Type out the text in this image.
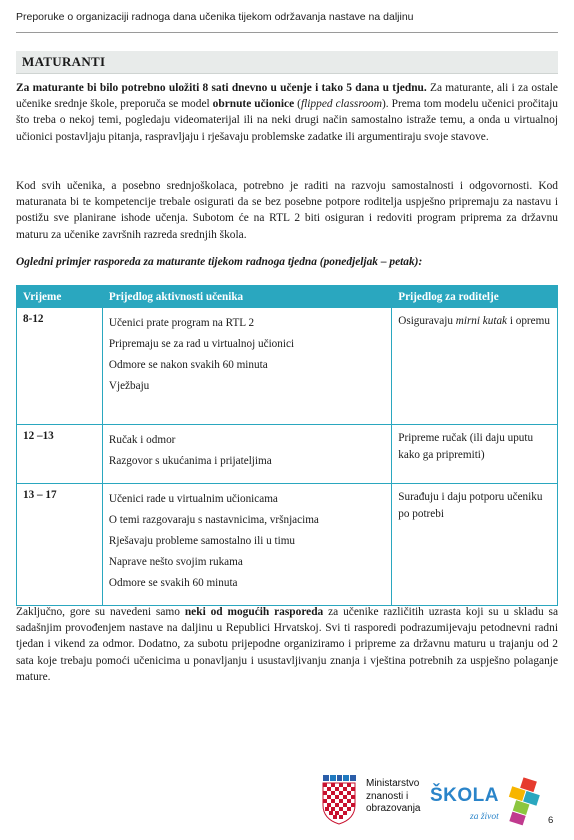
Preporuke o organizaciji radnoga dana učenika tijekom održavanja nastave na daljinu
MATURANTI
Za maturante bi bilo potrebno uložiti 8 sati dnevno u učenje i tako 5 dana u tjednu. Za maturante, ali i za ostale učenike srednje škole, preporuča se model obrnute učionice (flipped classroom). Prema tom modelu učenici pročitaju što treba o nekoj temi, pogledaju videomaterijal ili na neki drugi način samostalno istraže temu, a onda u virtualnoj učionici postavljaju pitanja, raspravljaju i rješavaju problemske zadatke ili argumentiraju svoje stavove.
Kod svih učenika, a posebno srednjoškolaca, potrebno je raditi na razvoju samostalnosti i odgovornosti. Kod maturanata bi te kompetencije trebale osigurati da se bez posebne potpore roditelja uspješno pripremaju za nastavu i postižu sve planirane ishode učenja. Subotom će na RTL 2 biti osiguran i redoviti program priprema za državnu maturu za učenike završnih razreda srednjih škola.
Ogledni primjer rasporeda za maturante tijekom radnoga tjedna (ponedjeljak – petak):
Vrijeme	Prijedlog aktivnosti učenika	Prijedlog za roditelje
8-12	Učenici prate program na RTL 2
Pripremaju se za rad u virtualnoj učionici
Odmore se nakon svakih 60 minuta
Vježbaju	Osiguravaju mirni kutak i opremu
12 –13	Ručak i odmor
Razgovor s ukućanima i prijateljima	Pripreme ručak (ili daju uputu kako ga pripremiti)
13 – 17	Učenici rade u virtualnim učionicama
O temi razgovaraju s nastavnicima, vršnjacima
Rješavaju probleme samostalno ili u timu
Naprave nešto svojim rukama
Odmore se svakih 60 minuta	Surađuju i daju potporu učeniku po potrebi
Zaključno, gore su navedeni samo neki od mogućih rasporeda za učenike različitih uzrasta koji su u skladu sa sadašnjim provođenjem nastave na daljinu u Republici Hrvatskoj. Svi ti rasporedi podrazumijevaju petodnevni radni tjedan i vikend za odmor. Dodatno, za subotu prijepodne organiziramo i pripreme za državnu maturu u trajanju od 2 sata koje trebaju pomoći učenicima u ponavljanju i usustavljivanju znanja i vještina potrebnih za uspješno polaganje mature.
Ministarstvo
znanosti i
obrazovanja
ŠKOLA
za život	6
